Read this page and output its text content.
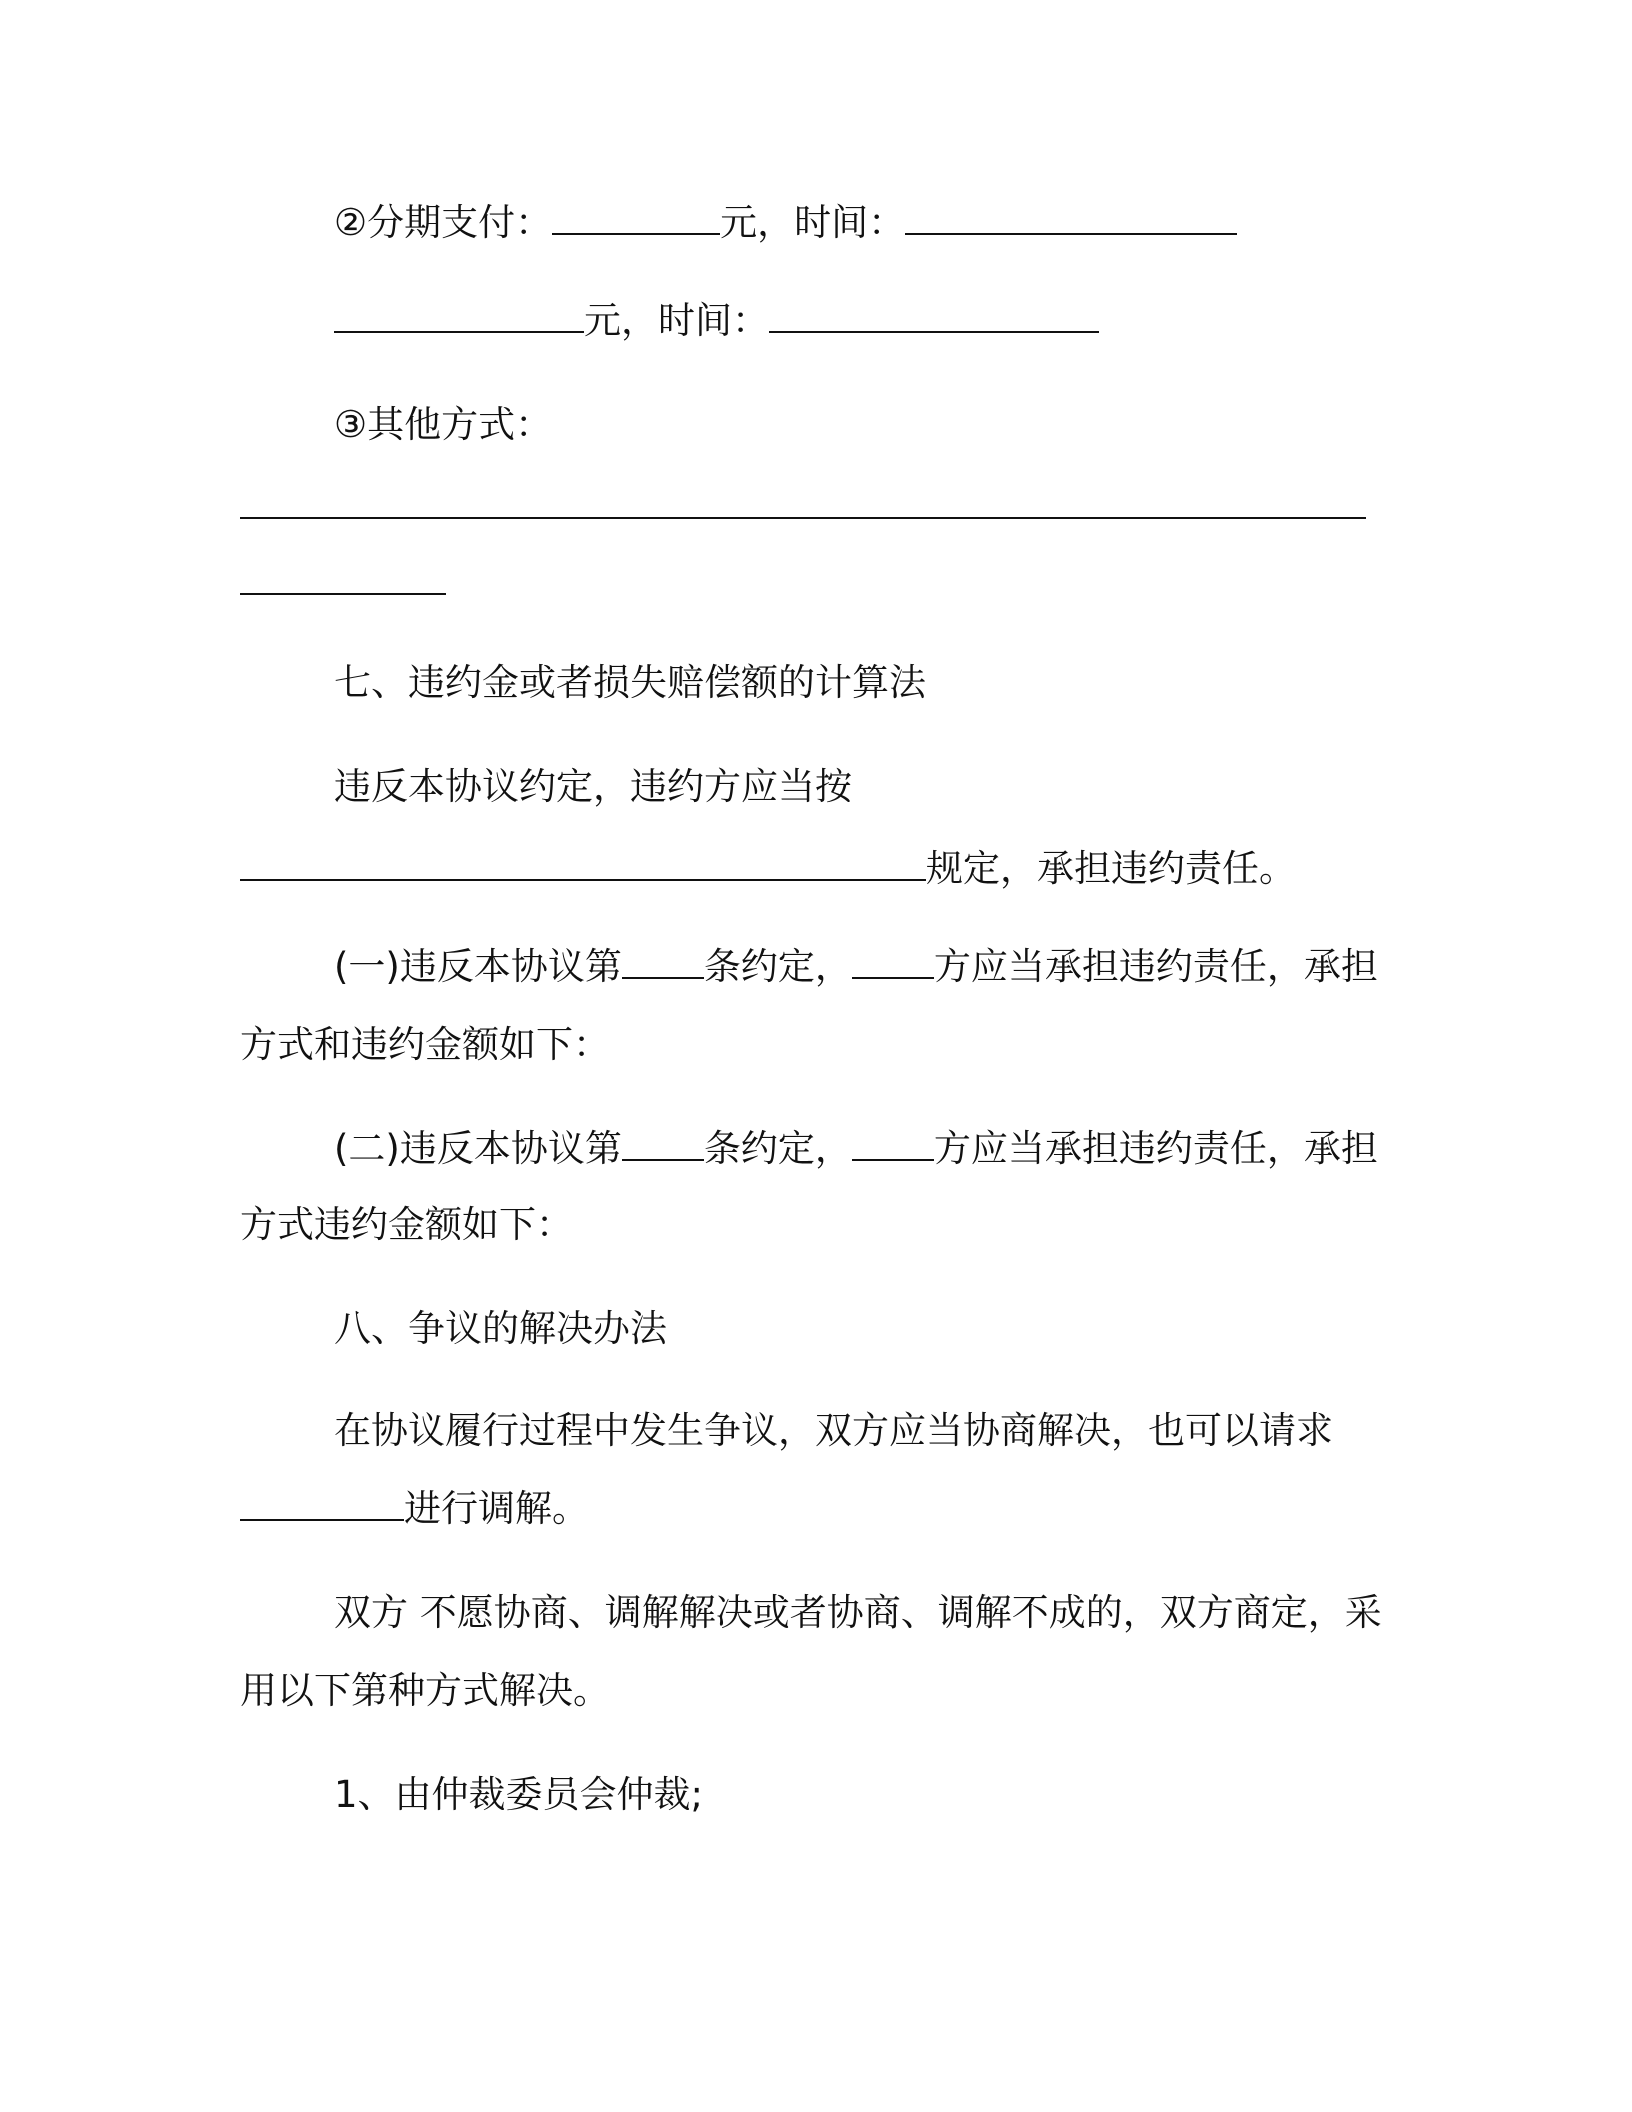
②分期支付：	元，时间：
元，时间：
③其他方式：
七、违约金或者损失赔偿额的计算法
违反本协议约定，违约方应当按
规定，承担违约责任。
(一)违反本协议第 条约定， 方应当承担违约责任，承担
方式和违约金额如下：
(二)违反本协议第 条约定， 方应当承担违约责任，承担
方式违约金额如下：
八、争议的解决办法
在协议履行过程中发生争议，双方应当协商解决，也可以请求
进行调解。
双方 不愿协商、调解解决或者协商、调解不成的，双方商定，采
用以下第种方式解决。
1、由仲裁委员会仲裁;
